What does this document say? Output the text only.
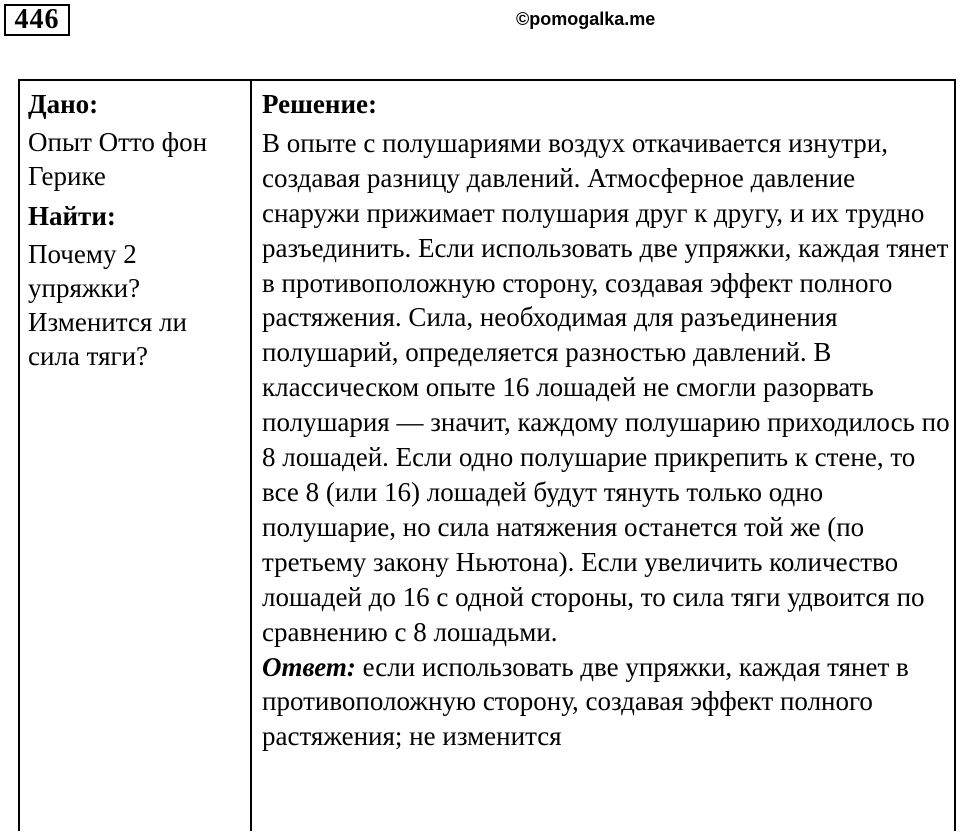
446	©pomogalka.me

Дано:

Опыт Отто фон Герике

Найти:

Почему 2 упряжки? Изменится ли сила тяги?

Решение:

В опыте с полушариями воздух откачивается изнутри, создавая разницу давлений. Атмосферное давление снаружи прижимает полушария друг к другу, и их трудно разъединить. Если использовать две упряжки, каждая тянет в противоположную сторону, создавая эффект полного растяжения. Сила, необходимая для разъединения полушарий, определяется разностью давлений. В классическом опыте 16 лошадей не смогли разорвать полушария — значит, каждому полушарию приходилось по 8 лошадей. Если одно полушарие прикрепить к стене, то все 8 (или 16) лошадей будут тянуть только одно полушарие, но сила натяжения останется той же (по третьему закону Ньютона). Если увеличить количество лошадей до 16 с одной стороны, то сила тяги удвоится по сравнению с 8 лошадьми.

Ответ: если использовать две упряжки, каждая тянет в противоположную сторону, создавая эффект полного растяжения; не изменится
